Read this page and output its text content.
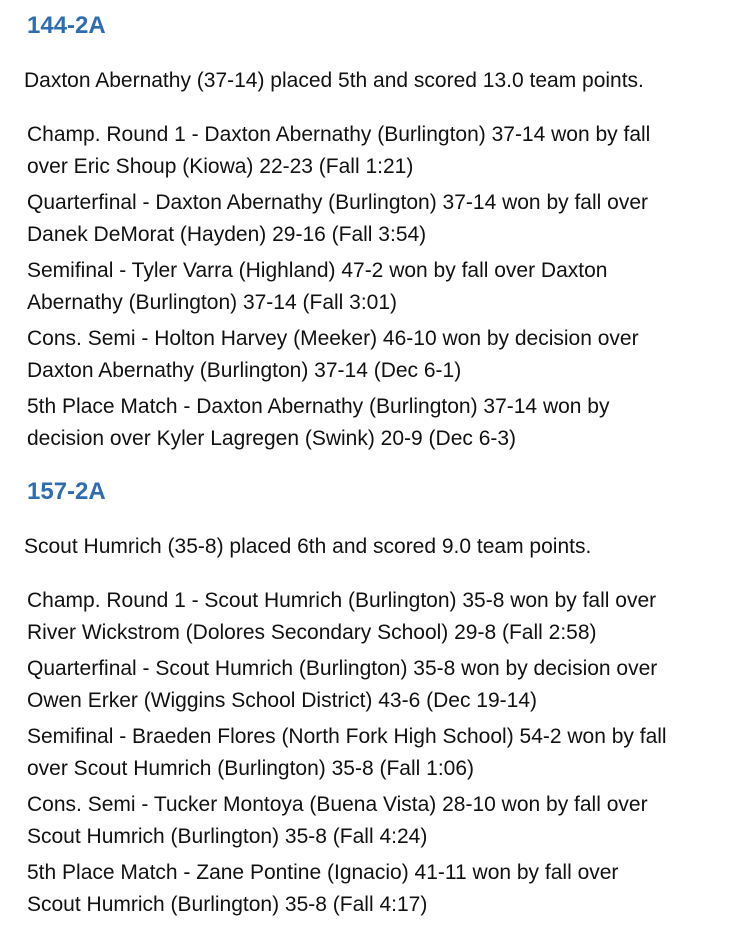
144-2A
Daxton Abernathy (37-14) placed 5th and scored 13.0 team points.
Champ. Round 1 - Daxton Abernathy (Burlington) 37-14 won by fall
over Eric Shoup (Kiowa) 22-23 (Fall 1:21)
Quarterfinal - Daxton Abernathy (Burlington) 37-14 won by fall over
Danek DeMorat (Hayden) 29-16 (Fall 3:54)
Semifinal - Tyler Varra (Highland) 47-2 won by fall over Daxton
Abernathy (Burlington) 37-14 (Fall 3:01)
Cons. Semi - Holton Harvey (Meeker) 46-10 won by decision over
Daxton Abernathy (Burlington) 37-14 (Dec 6-1)
5th Place Match - Daxton Abernathy (Burlington) 37-14 won by
decision over Kyler Lagregen (Swink) 20-9 (Dec 6-3)
157-2A
Scout Humrich (35-8) placed 6th and scored 9.0 team points.
Champ. Round 1 - Scout Humrich (Burlington) 35-8 won by fall over
River Wickstrom (Dolores Secondary School) 29-8 (Fall 2:58)
Quarterfinal - Scout Humrich (Burlington) 35-8 won by decision over
Owen Erker (Wiggins School District) 43-6 (Dec 19-14)
Semifinal - Braeden Flores (North Fork High School) 54-2 won by fall
over Scout Humrich (Burlington) 35-8 (Fall 1:06)
Cons. Semi - Tucker Montoya (Buena Vista) 28-10 won by fall over
Scout Humrich (Burlington) 35-8 (Fall 4:24)
5th Place Match - Zane Pontine (Ignacio) 41-11 won by fall over
Scout Humrich (Burlington) 35-8 (Fall 4:17)
